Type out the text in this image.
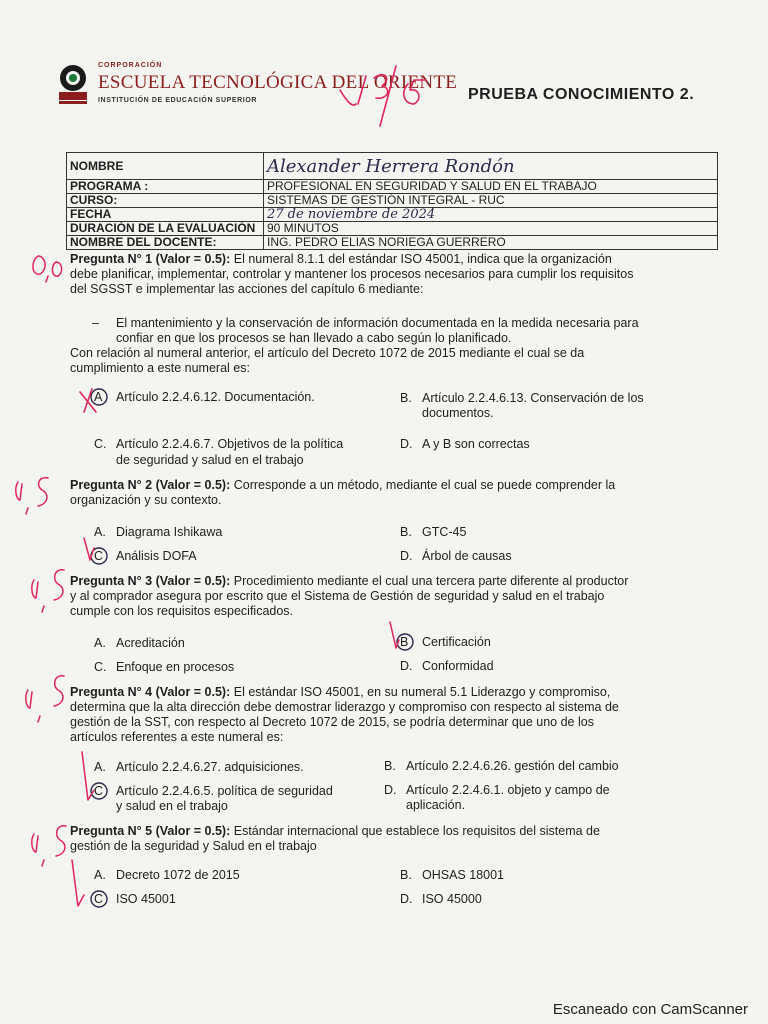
CORPORACIÓN
ESCUELA TECNOLÓGICA DEL ORIENTE
INSTITUCIÓN DE EDUCACIÓN SUPERIOR	PRUEBA CONOCIMIENTO 2.
NOMBRE	Alexander Herrera Rondón
PROGRAMA :	PROFESIONAL EN SEGURIDAD Y SALUD EN EL TRABAJO
CURSO:	SISTEMAS DE GESTIÓN INTEGRAL - RUC
FECHA	27 de noviembre de 2024
DURACIÓN DE LA EVALUACIÓN	90 MINUTOS
NOMBRE DEL DOCENTE:	ING. PEDRO ELIAS NORIEGA GUERRERO
Pregunta N° 1 (Valor = 0.5): El numeral 8.1.1 del estándar ISO 45001, indica que la organización
debe planificar, implementar, controlar y mantener los procesos necesarios para cumplir los requisitos
del SGSST e implementar las acciones del capítulo 6 mediante:
– El mantenimiento y la conservación de información documentada en la medida necesaria para
confiar en que los procesos se han llevado a cabo según lo planificado.
Con relación al numeral anterior, el artículo del Decreto 1072 de 2015 mediante el cual se da
cumplimiento a este numeral es:
A Artículo 2.2.4.6.12. Documentación.	B. Artículo 2.2.4.6.13. Conservación de los
documentos.
C. Artículo 2.2.4.6.7. Objetivos de la política
de seguridad y salud en el trabajo
D. A y B son correctas
Pregunta N° 2 (Valor = 0.5): Corresponde a un método, mediante el cual se puede comprender la
organización y su contexto.
A. Diagrama Ishikawa	B. GTC-45
C Análisis DOFA	D. Árbol de causas
Pregunta N° 3 (Valor = 0.5): Procedimiento mediante el cual una tercera parte diferente al productor
y al comprador asegura por escrito que el Sistema de Gestión de seguridad y salud en el trabajo
cumple con los requisitos especificados.
A. Acreditación	B Certificación
C. Enfoque en procesos	D. Conformidad
Pregunta N° 4 (Valor = 0.5): El estándar ISO 45001, en su numeral 5.1 Liderazgo y compromiso,
determina que la alta dirección debe demostrar liderazgo y compromiso con respecto al sistema de
gestión de la SST, con respecto al Decreto 1072 de 2015, se podría determinar que uno de los
artículos referentes a este numeral es:
A. Artículo 2.2.4.6.27. adquisiciones.	B. Artículo 2.2.4.6.26. gestión del cambio
C Artículo 2.2.4.6.5. política de seguridad
y salud en el trabajo
D. Artículo 2.2.4.6.1. objeto y campo de
aplicación.
Pregunta N° 5 (Valor = 0.5): Estándar internacional que establece los requisitos del sistema de
gestión de la seguridad y Salud en el trabajo
A. Decreto 1072 de 2015	B. OHSAS 18001
C ISO 45001	D. ISO 45000
Escaneado con CamScanner
